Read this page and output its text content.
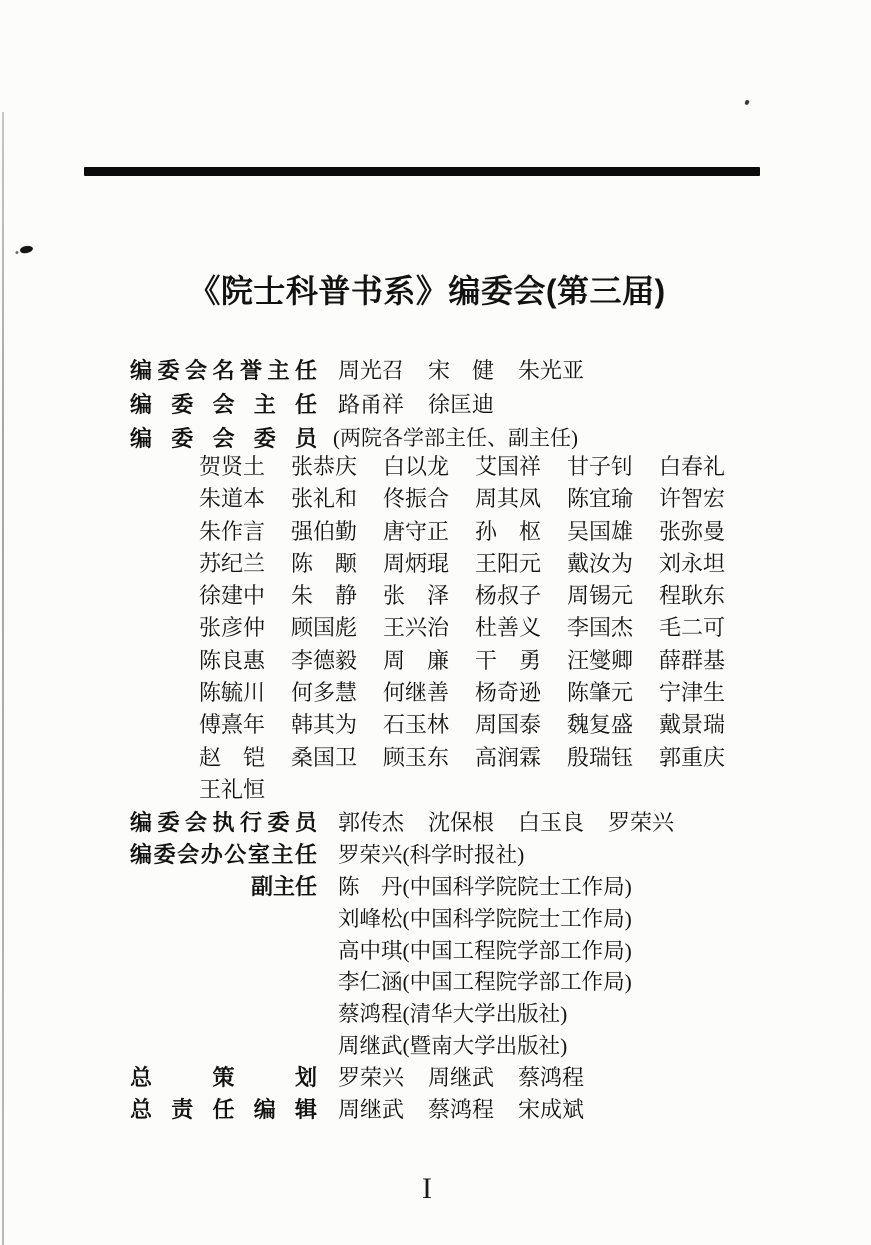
《院士科普书系》编委会(第三届)
编委会名誉主任 周光召 宋　健 朱光亚
编委会主任 路甬祥 徐匡迪
编委会委员 (两院各学部主任、副主任)
贺贤土 张恭庆 白以龙 艾国祥 甘子钊 白春礼
朱道本 张礼和 佟振合 周其凤 陈宜瑜 许智宏
朱作言 强伯勤 唐守正 孙　枢 吴国雄 张弥曼
苏纪兰 陈　颙 周炳琨 王阳元 戴汝为 刘永坦
徐建中 朱　静 张　泽 杨叔子 周锡元 程耿东
张彦仲 顾国彪 王兴治 杜善义 李国杰 毛二可
陈良惠 李德毅 周　廉 干　勇 汪燮卿 薛群基
陈毓川 何多慧 何继善 杨奇逊 陈肇元 宁津生
傅熹年 韩其为 石玉林 周国泰 魏复盛 戴景瑞
赵　铠 桑国卫 顾玉东 高润霖 殷瑞钰 郭重庆
王礼恒
编委会执行委员 郭传杰 沈保根 白玉良 罗荣兴
编委会办公室主任 罗荣兴(科学时报社)
副主任 陈　丹(中国科学院院士工作局)
刘峰松(中国科学院院士工作局)
高中琪(中国工程院学部工作局)
李仁涵(中国工程院学部工作局)
蔡鸿程(清华大学出版社)
周继武(暨南大学出版社)
总策划 罗荣兴 周继武 蔡鸿程
总责任编辑 周继武 蔡鸿程 宋成斌
I
